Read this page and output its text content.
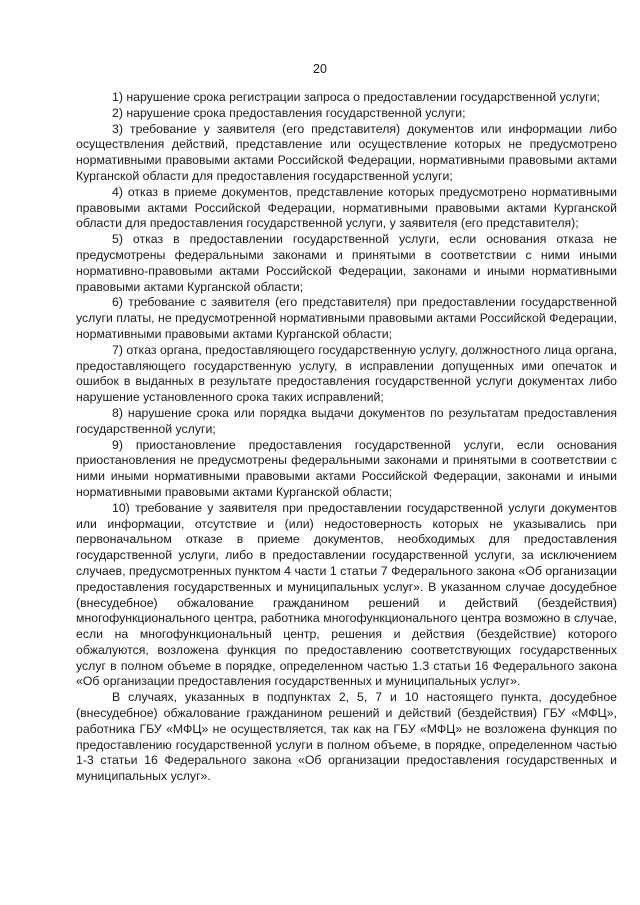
20

1) нарушение срока регистрации запроса о предоставлении государственной услуги;

2) нарушение срока предоставления государственной услуги;

3) требование у заявителя (его представителя) документов или информации либо осуществления действий, представление или осуществление которых не предусмотрено нормативными правовыми актами Российской Федерации, нормативными правовыми актами Курганской области для предоставления государственной услуги;

4) отказ в приеме документов, представление которых предусмотрено нормативными правовыми актами Российской Федерации, нормативными правовыми актами Курганской области для предоставления государственной услуги, у заявителя (его представителя);

5) отказ в предоставлении государственной услуги, если основания отказа не предусмотрены федеральными законами и принятыми в соответствии с ними иными нормативно-правовыми актами Российской Федерации, законами и иными нормативными правовыми актами Курганской области;

6) требование с заявителя (его представителя) при предоставлении государственной услуги платы, не предусмотренной нормативными правовыми актами Российской Федерации, нормативными правовыми актами Курганской области;

7) отказ органа, предоставляющего государственную услугу, должностного лица органа, предоставляющего государственную услугу, в исправлении допущенных ими опечаток и ошибок в выданных в результате предоставления государственной услуги документах либо нарушение установленного срока таких исправлений;

8) нарушение срока или порядка выдачи документов по результатам предоставления государственной услуги;

9) приостановление предоставления государственной услуги, если основания приостановления не предусмотрены федеральными законами и принятыми в соответствии с ними иными нормативными правовыми актами Российской Федерации, законами и иными нормативными правовыми актами Курганской области;

10) требование у заявителя при предоставлении государственной услуги документов или информации, отсутствие и (или) недостоверность которых не указывались при первоначальном отказе в приеме документов, необходимых для предоставления государственной услуги, либо в предоставлении государственной услуги, за исключением случаев, предусмотренных пунктом 4 части 1 статьи 7 Федерального закона «Об организации предоставления государственных и муниципальных услуг». В указанном случае досудебное (внесудебное) обжалование гражданином решений и действий (бездействия) многофункционального центра, работника многофункционального центра возможно в случае, если на многофункциональный центр, решения и действия (бездействие) которого обжалуются, возложена функция по предоставлению соответствующих государственных услуг в полном объеме в порядке, определенном частью 1.3 статьи 16 Федерального закона «Об организации предоставления государственных и муниципальных услуг».

В случаях, указанных в подпунктах 2, 5, 7 и 10 настоящего пункта, досудебное (внесудебное) обжалование гражданином решений и действий (бездействия) ГБУ «МФЦ», работника ГБУ «МФЦ» не осуществляется, так как на ГБУ «МФЦ» не возложена функция по предоставлению государственной услуги в полном объеме, в порядке, определенном частью 1-3 статьи 16 Федерального закона «Об организации предоставления государственных и муниципальных услуг».
